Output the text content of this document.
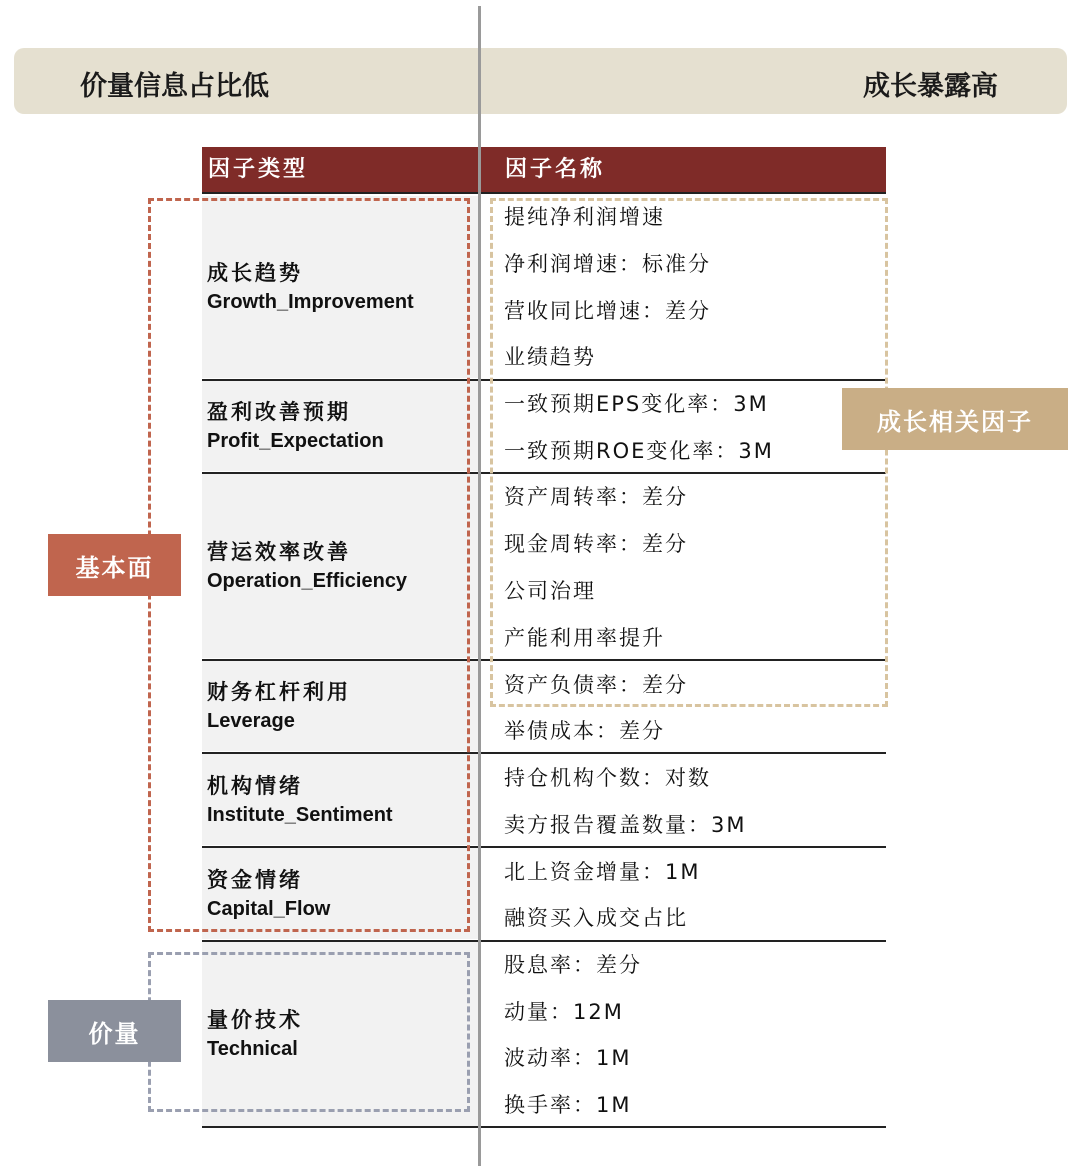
价量信息占比低	成长暴露高
因子类型	因子名称
成长趋势
Growth_Improvement
盈利改善预期
Profit_Expectation
营运效率改善
Operation_Efficiency
财务杠杆利用
Leverage
机构情绪
Institute_Sentiment
资金情绪
Capital_Flow
量价技术
Technical
提纯净利润增速
净利润增速：标准分
营收同比增速：差分
业绩趋势
一致预期EPS变化率：3M
一致预期ROE变化率：3M
资产周转率：差分
现金周转率：差分
公司治理
产能利用率提升
资产负债率：差分
举债成本：差分
持仓机构个数：对数
卖方报告覆盖数量：3M
北上资金增量：1M
融资买入成交占比
股息率：差分
动量：12M
波动率：1M
换手率：1M
基本面
价量
成长相关因子
